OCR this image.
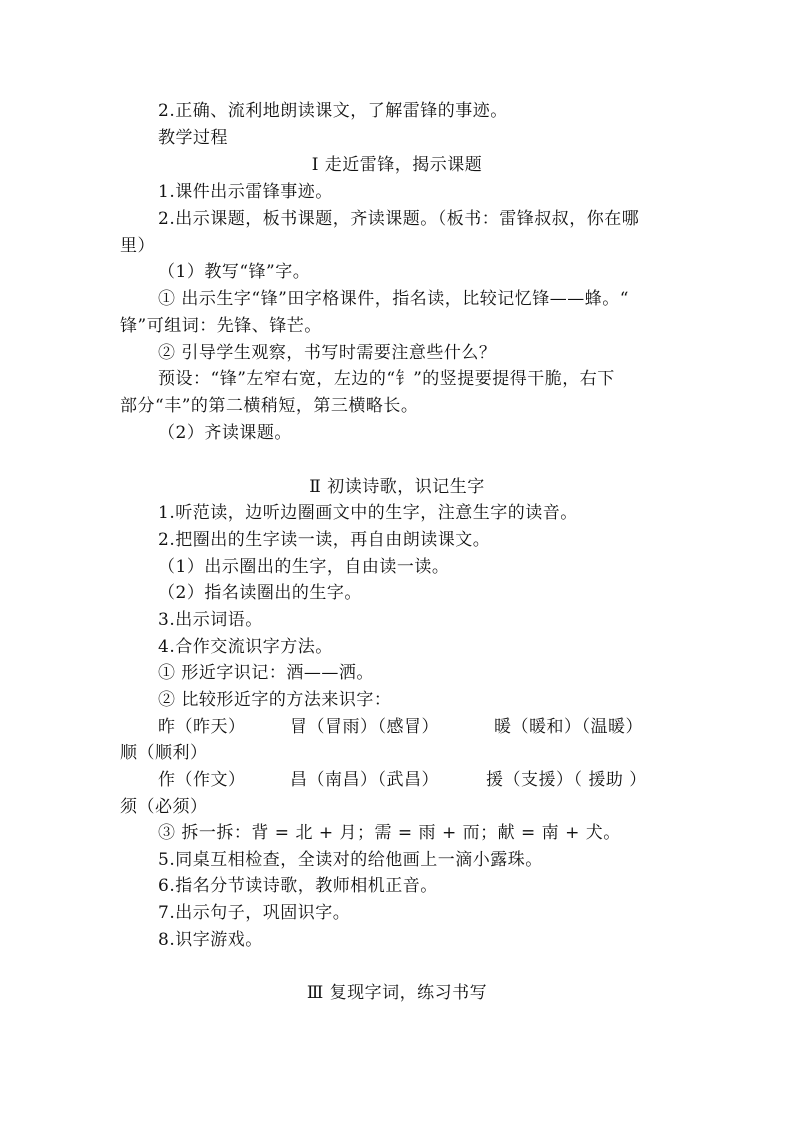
2.正确、流利地朗读课文，了解雷锋的事迹。
教学过程
Ⅰ 走近雷锋，揭示课题
1.课件出示雷锋事迹。
2.出示课题，板书课题，齐读课题。（板书：雷锋叔叔，你在哪
里）
（1）教写“锋”字。
① 出示生字“锋”田字格课件，指名读，比较记忆锋——蜂。“
锋”可组词：先锋、锋芒。
② 引导学生观察，书写时需要注意些什么？
预设：“锋”左窄右宽，左边的“钅”的竖提要提得干脆，右下
部分“丰”的第二横稍短，第三横略长。
（2）齐读课题。
Ⅱ 初读诗歌，识记生字
1.听范读，边听边圈画文中的生字，注意生字的读音。
2.把圈出的生字读一读，再自由朗读课文。
（1）出示圈出的生字，自由读一读。
（2）指名读圈出的生字。
3.出示词语。
4.合作交流识字方法。
① 形近字识记：酒——洒。
② 比较形近字的方法来识字：
昨（昨天）	冒（冒雨）（感冒）	暖（暖和）（温暖）
顺（顺利）
作（作文）	昌（南昌）（武昌）	援（支援）（ 援助 ）
须（必须）
③ 拆一拆：背 = 北 + 月；需 = 雨 + 而；献 = 南 + 犬。
5.同桌互相检查，全读对的给他画上一滴小露珠。
6.指名分节读诗歌，教师相机正音。
7.出示句子，巩固识字。
8.识字游戏。
Ⅲ 复现字词，练习书写
